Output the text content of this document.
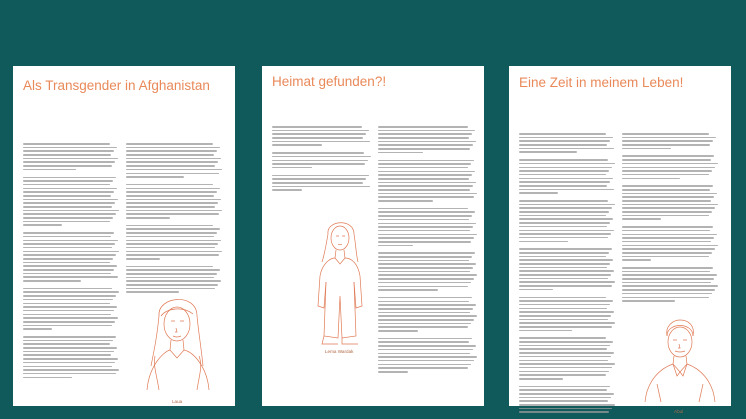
Als Transgender in Afghanistan
Laua
Heimat gefunden?!
Lema Wardak
Eine Zeit in meinem Leben!
Abul
